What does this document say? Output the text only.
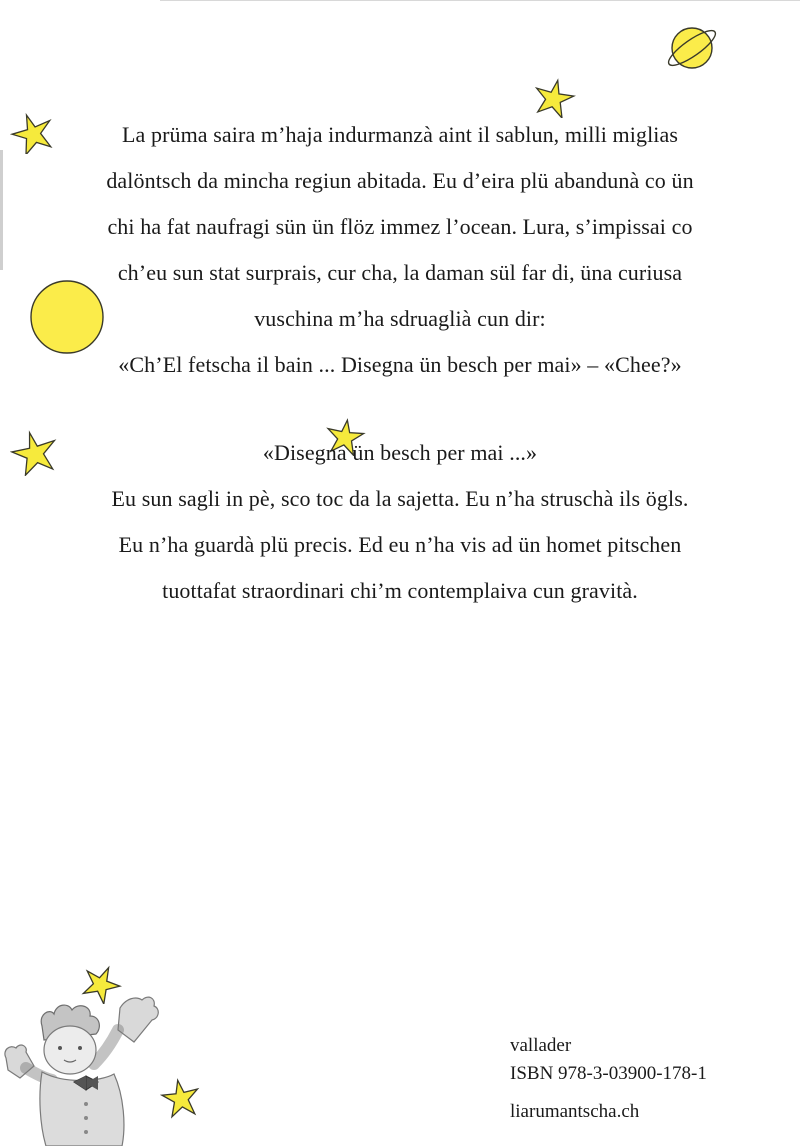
La prüma saira m’haja indurmanzà aint il sablun, milli miglias
dalöntsch da mincha regiun abitada. Eu d’eira plü abandunà co ün
chi ha fat naufragi sün ün flöz immez l’ocean. Lura, s’impissai co
ch’eu sun stat surprais, cur cha, la daman sül far di, üna curiusa
vuschina m’ha sdruaglià cun dir:
«Ch’El fetscha il bain ... Disegna ün besch per mai» – «Chee?»
«Disegna ün besch per mai ...»
Eu sun sagli in pè, sco toc da la sajetta. Eu n’ha struschà ils ögls.
Eu n’ha guardà plü precis. Ed eu n’ha vis ad ün homet pitschen
tuottafat straordinari chi’m contemplaiva cun gravità.
vallader
ISBN 978-3-03900-178-1
liarumantscha.ch
